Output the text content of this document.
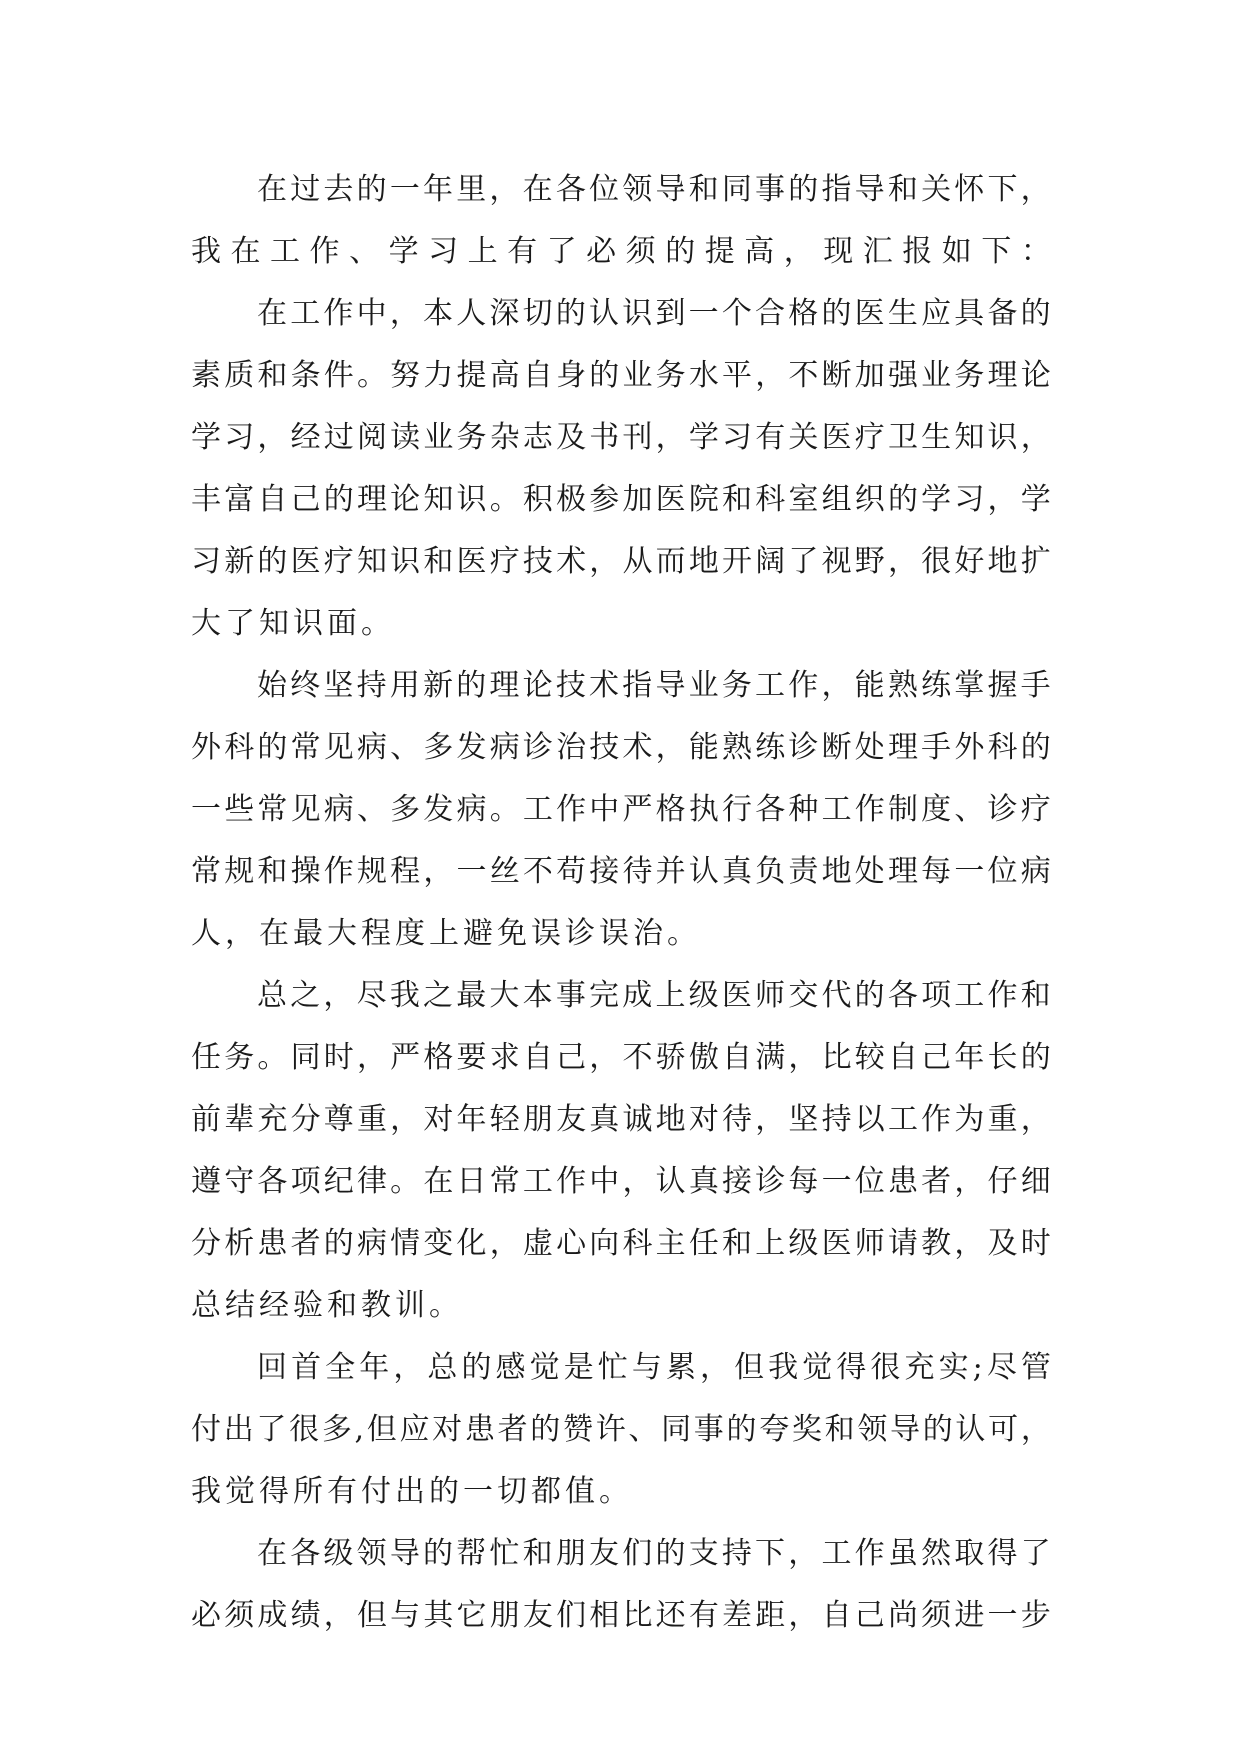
在 过 去 的 一 年 里 ， 在 各 位 领 导 和 同 事 的 指 导 和 关 怀 下 ，
我 在 工 作 、 学 习 上 有 了 必 须 的 提 高 ， 现 汇 报 如 下 ：
在 工 作 中 ， 本 人 深 切 的 认 识 到 一 个 合 格 的 医 生 应 具 备 的
素 质 和 条 件 。 努 力 提 高 自 身 的 业 务 水 平 ， 不 断 加 强 业 务 理 论
学 习 ， 经 过 阅 读 业 务 杂 志 及 书 刊 ， 学 习 有 关 医 疗 卫 生 知 识 ，
丰 富 自 己 的 理 论 知 识 。 积 极 参 加 医 院 和 科 室 组 织 的 学 习 ， 学
习 新 的 医 疗 知 识 和 医 疗 技 术 ， 从 而 地 开 阔 了 视 野 ， 很 好 地 扩
大了知识面。
始 终 坚 持 用 新 的 理 论 技 术 指 导 业 务 工 作 ， 能 熟 练 掌 握 手
外 科 的 常 见 病 、 多 发 病 诊 治 技 术 ， 能 熟 练 诊 断 处 理 手 外 科 的
一 些 常 见 病 、 多 发 病 。 工 作 中 严 格 执 行 各 种 工 作 制 度 、 诊 疗
常 规 和 操 作 规 程 ， 一 丝 不 苟 接 待 并 认 真 负 责 地 处 理 每 一 位 病
人，在最大程度上避免误诊误治。
总 之 ， 尽 我 之 最 大 本 事 完 成 上 级 医 师 交 代 的 各 项 工 作 和
任 务 。 同 时 ， 严 格 要 求 自 己 ， 不 骄 傲 自 满 ， 比 较 自 己 年 长 的
前 辈 充 分 尊 重 ， 对 年 轻 朋 友 真 诚 地 对 待 ， 坚 持 以 工 作 为 重 ，
遵 守 各 项 纪 律 。 在 日 常 工 作 中 ， 认 真 接 诊 每 一 位 患 者 ， 仔 细
分 析 患 者 的 病 情 变 化 ， 虚 心 向 科 主 任 和 上 级 医 师 请 教 ， 及 时
总结经验和教训。
回 首 全 年 ， 总 的 感 觉 是 忙 与 累 ， 但 我 觉 得 很 充 实 ; 尽 管
付 出 了 很 多 , 但 应 对 患 者 的 赞 许 、 同 事 的 夸 奖 和 领 导 的 认 可 ，
我觉得所有付出的一切都值。
在 各 级 领 导 的 帮 忙 和 朋 友 们 的 支 持 下 ， 工 作 虽 然 取 得 了
必 须 成 绩 ， 但 与 其 它 朋 友 们 相 比 还 有 差 距 ， 自 己 尚 须 进 一 步
